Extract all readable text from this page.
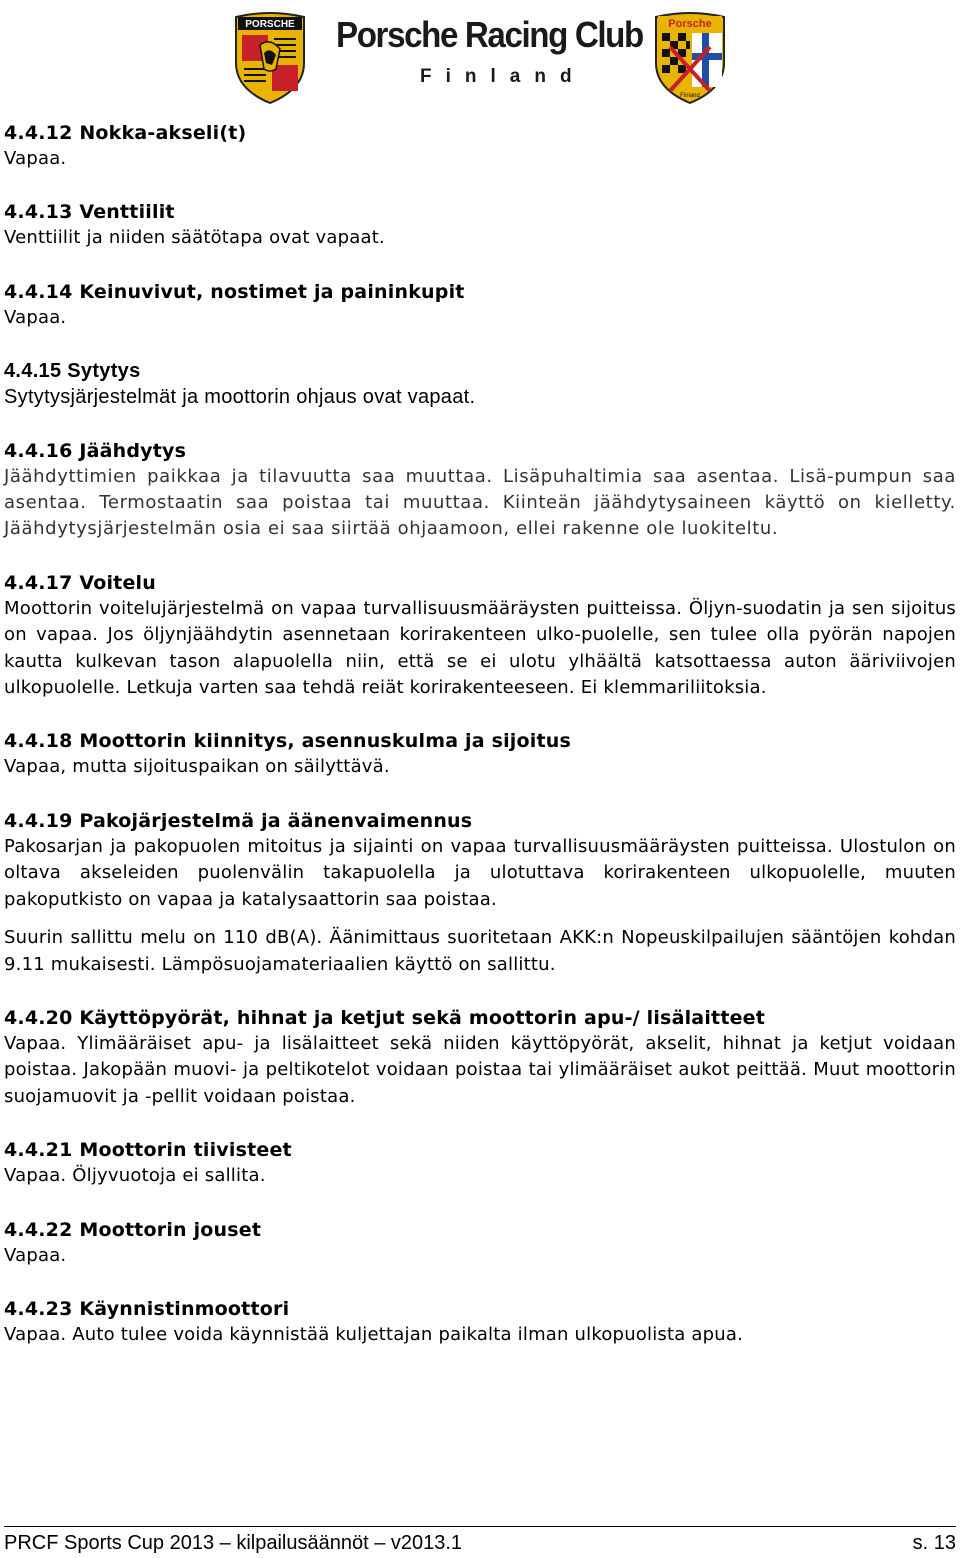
PORSCHE Porsche Racing Club
Finland
Porsche
Finland
4.4.12 Nokka-akseli(t)

Vapaa.

4.4.13 Venttiilit

Venttiilit ja niiden säätötapa ovat vapaat.

4.4.14 Keinuvivut, nostimet ja paininkupit

Vapaa.

4.4.15 Sytytys

Sytytysjärjestelmät ja moottorin ohjaus ovat vapaat.

4.4.16 Jäähdytys

Jäähdyttimien paikkaa ja tilavuutta saa muuttaa. Lisäpuhaltimia saa asentaa. Lisä-pumpun saa asentaa. Termostaatin saa poistaa tai muuttaa. Kiinteän jäähdytysaineen käyttö on kielletty. Jäähdytysjärjestelmän osia ei saa siirtää ohjaamoon, ellei rakenne ole luokiteltu.

4.4.17 Voitelu

Moottorin voitelujärjestelmä on vapaa turvallisuusmääräysten puitteissa. Öljyn-suodatin ja sen sijoitus on vapaa. Jos öljynjäähdytin asennetaan korirakenteen ulko-puolelle, sen tulee olla pyörän napojen kautta kulkevan tason alapuolella niin, että se ei ulotu ylhäältä katsottaessa auton ääriviivojen ulkopuolelle. Letkuja varten saa tehdä reiät korirakenteeseen. Ei klemmariliitoksia.

4.4.18 Moottorin kiinnitys, asennuskulma ja sijoitus

Vapaa, mutta sijoituspaikan on säilyttävä.

4.4.19 Pakojärjestelmä ja äänenvaimennus

Pakosarjan ja pakopuolen mitoitus ja sijainti on vapaa turvallisuusmääräysten puitteissa. Ulostulon on oltava akseleiden puolenvälin takapuolella ja ulotuttava korirakenteen ulkopuolelle, muuten pakoputkisto on vapaa ja katalysaattorin saa poistaa.

Suurin sallittu melu on 110 dB(A). Äänimittaus suoritetaan AKK:n Nopeuskilpailujen sääntöjen kohdan 9.11 mukaisesti. Lämpösuojamateriaalien käyttö on sallittu.

4.4.20 Käyttöpyörät, hihnat ja ketjut sekä moottorin apu-/ lisälaitteet

Vapaa. Ylimääräiset apu- ja lisälaitteet sekä niiden käyttöpyörät, akselit, hihnat ja ketjut voidaan poistaa. Jakopään muovi- ja peltikotelot voidaan poistaa tai ylimääräiset aukot peittää. Muut moottorin suojamuovit ja -pellit voidaan poistaa.

4.4.21 Moottorin tiivisteet

Vapaa. Öljyvuotoja ei sallita.

4.4.22 Moottorin jouset

Vapaa.

4.4.23 Käynnistinmoottori

Vapaa. Auto tulee voida käynnistää kuljettajan paikalta ilman ulkopuolista apua.

PRCF Sports Cup 2013 – kilpailusäännöt – v2013.1	s. 13
